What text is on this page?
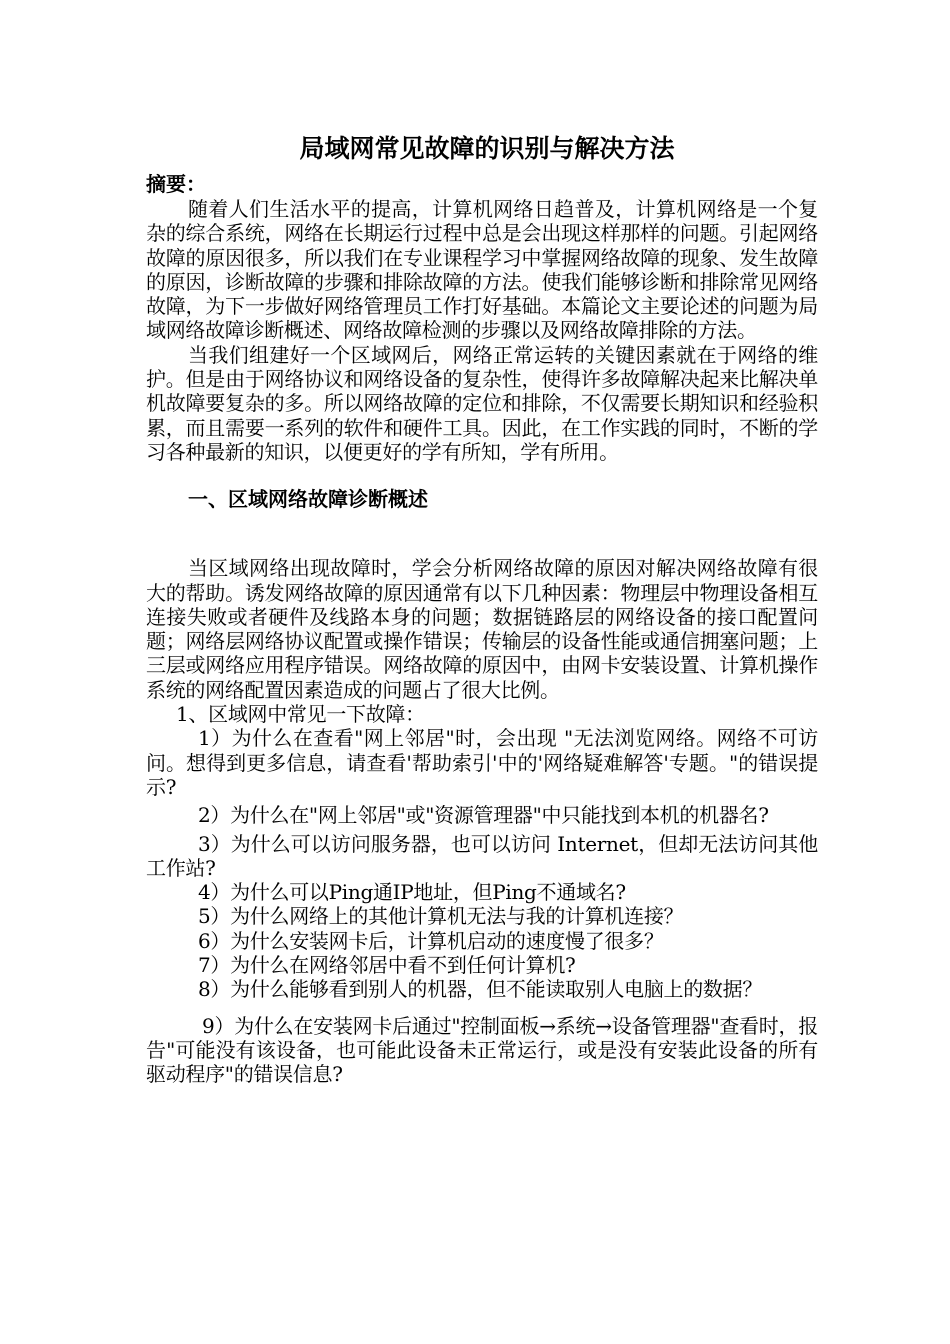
局域网常见故障的识别与解决方法

摘要：

随着人们生活水平的提高，计算机网络日趋普及，计算机网络是一个复杂的综合系统，网络在长期运行过程中总是会出现这样那样的问题。引起网络故障的原因很多，所以我们在专业课程学习中掌握网络故障的现象、发生故障的原因，诊断故障的步骤和排除故障的方法。使我们能够诊断和排除常见网络故障，为下一步做好网络管理员工作打好基础。本篇论文主要论述的问题为局域网络故障诊断概述、网络故障检测的步骤以及网络故障排除的方法。

当我们组建好一个区域网后，网络正常运转的关键因素就在于网络的维护。但是由于网络协议和网络设备的复杂性，使得许多故障解决起来比解决单机故障要复杂的多。所以网络故障的定位和排除，不仅需要长期知识和经验积累，而且需要一系列的软件和硬件工具。因此，在工作实践的同时，不断的学习各种最新的知识，以便更好的学有所知，学有所用。

一、区域网络故障诊断概述

当区域网络出现故障时，学会分析网络故障的原因对解决网络故障有很大的帮助。诱发网络故障的原因通常有以下几种因素：物理层中物理设备相互连接失败或者硬件及线路本身的问题；数据链路层的网络设备的接口配置问题；网络层网络协议配置或操作错误；传输层的设备性能或通信拥塞问题；上三层或网络应用程序错误。网络故障的原因中，由网卡安装设置、计算机操作系统的网络配置因素造成的问题占了很大比例。

1、区域网中常见一下故障：

1）为什么在查看"网上邻居"时，会出现 "无法浏览网络。网络不可访问。想得到更多信息，请查看'帮助索引'中的'网络疑难解答'专题。"的错误提示?
2）为什么在"网上邻居"或"资源管理器"中只能找到本机的机器名?
3）为什么可以访问服务器，也可以访问 Internet，但却无法访问其他工作站?
4）为什么可以Ping通IP地址，但Ping不通域名?
5）为什么网络上的其他计算机无法与我的计算机连接？
6）为什么安装网卡后，计算机启动的速度慢了很多？
7）为什么在网络邻居中看不到任何计算机?
8）为什么能够看到别人的机器，但不能读取别人电脑上的数据？
9）为什么在安装网卡后通过"控制面板→系统→设备管理器"查看时，报告"可能没有该设备，也可能此设备未正常运行，或是没有安装此设备的所有驱动程序"的错误信息?
